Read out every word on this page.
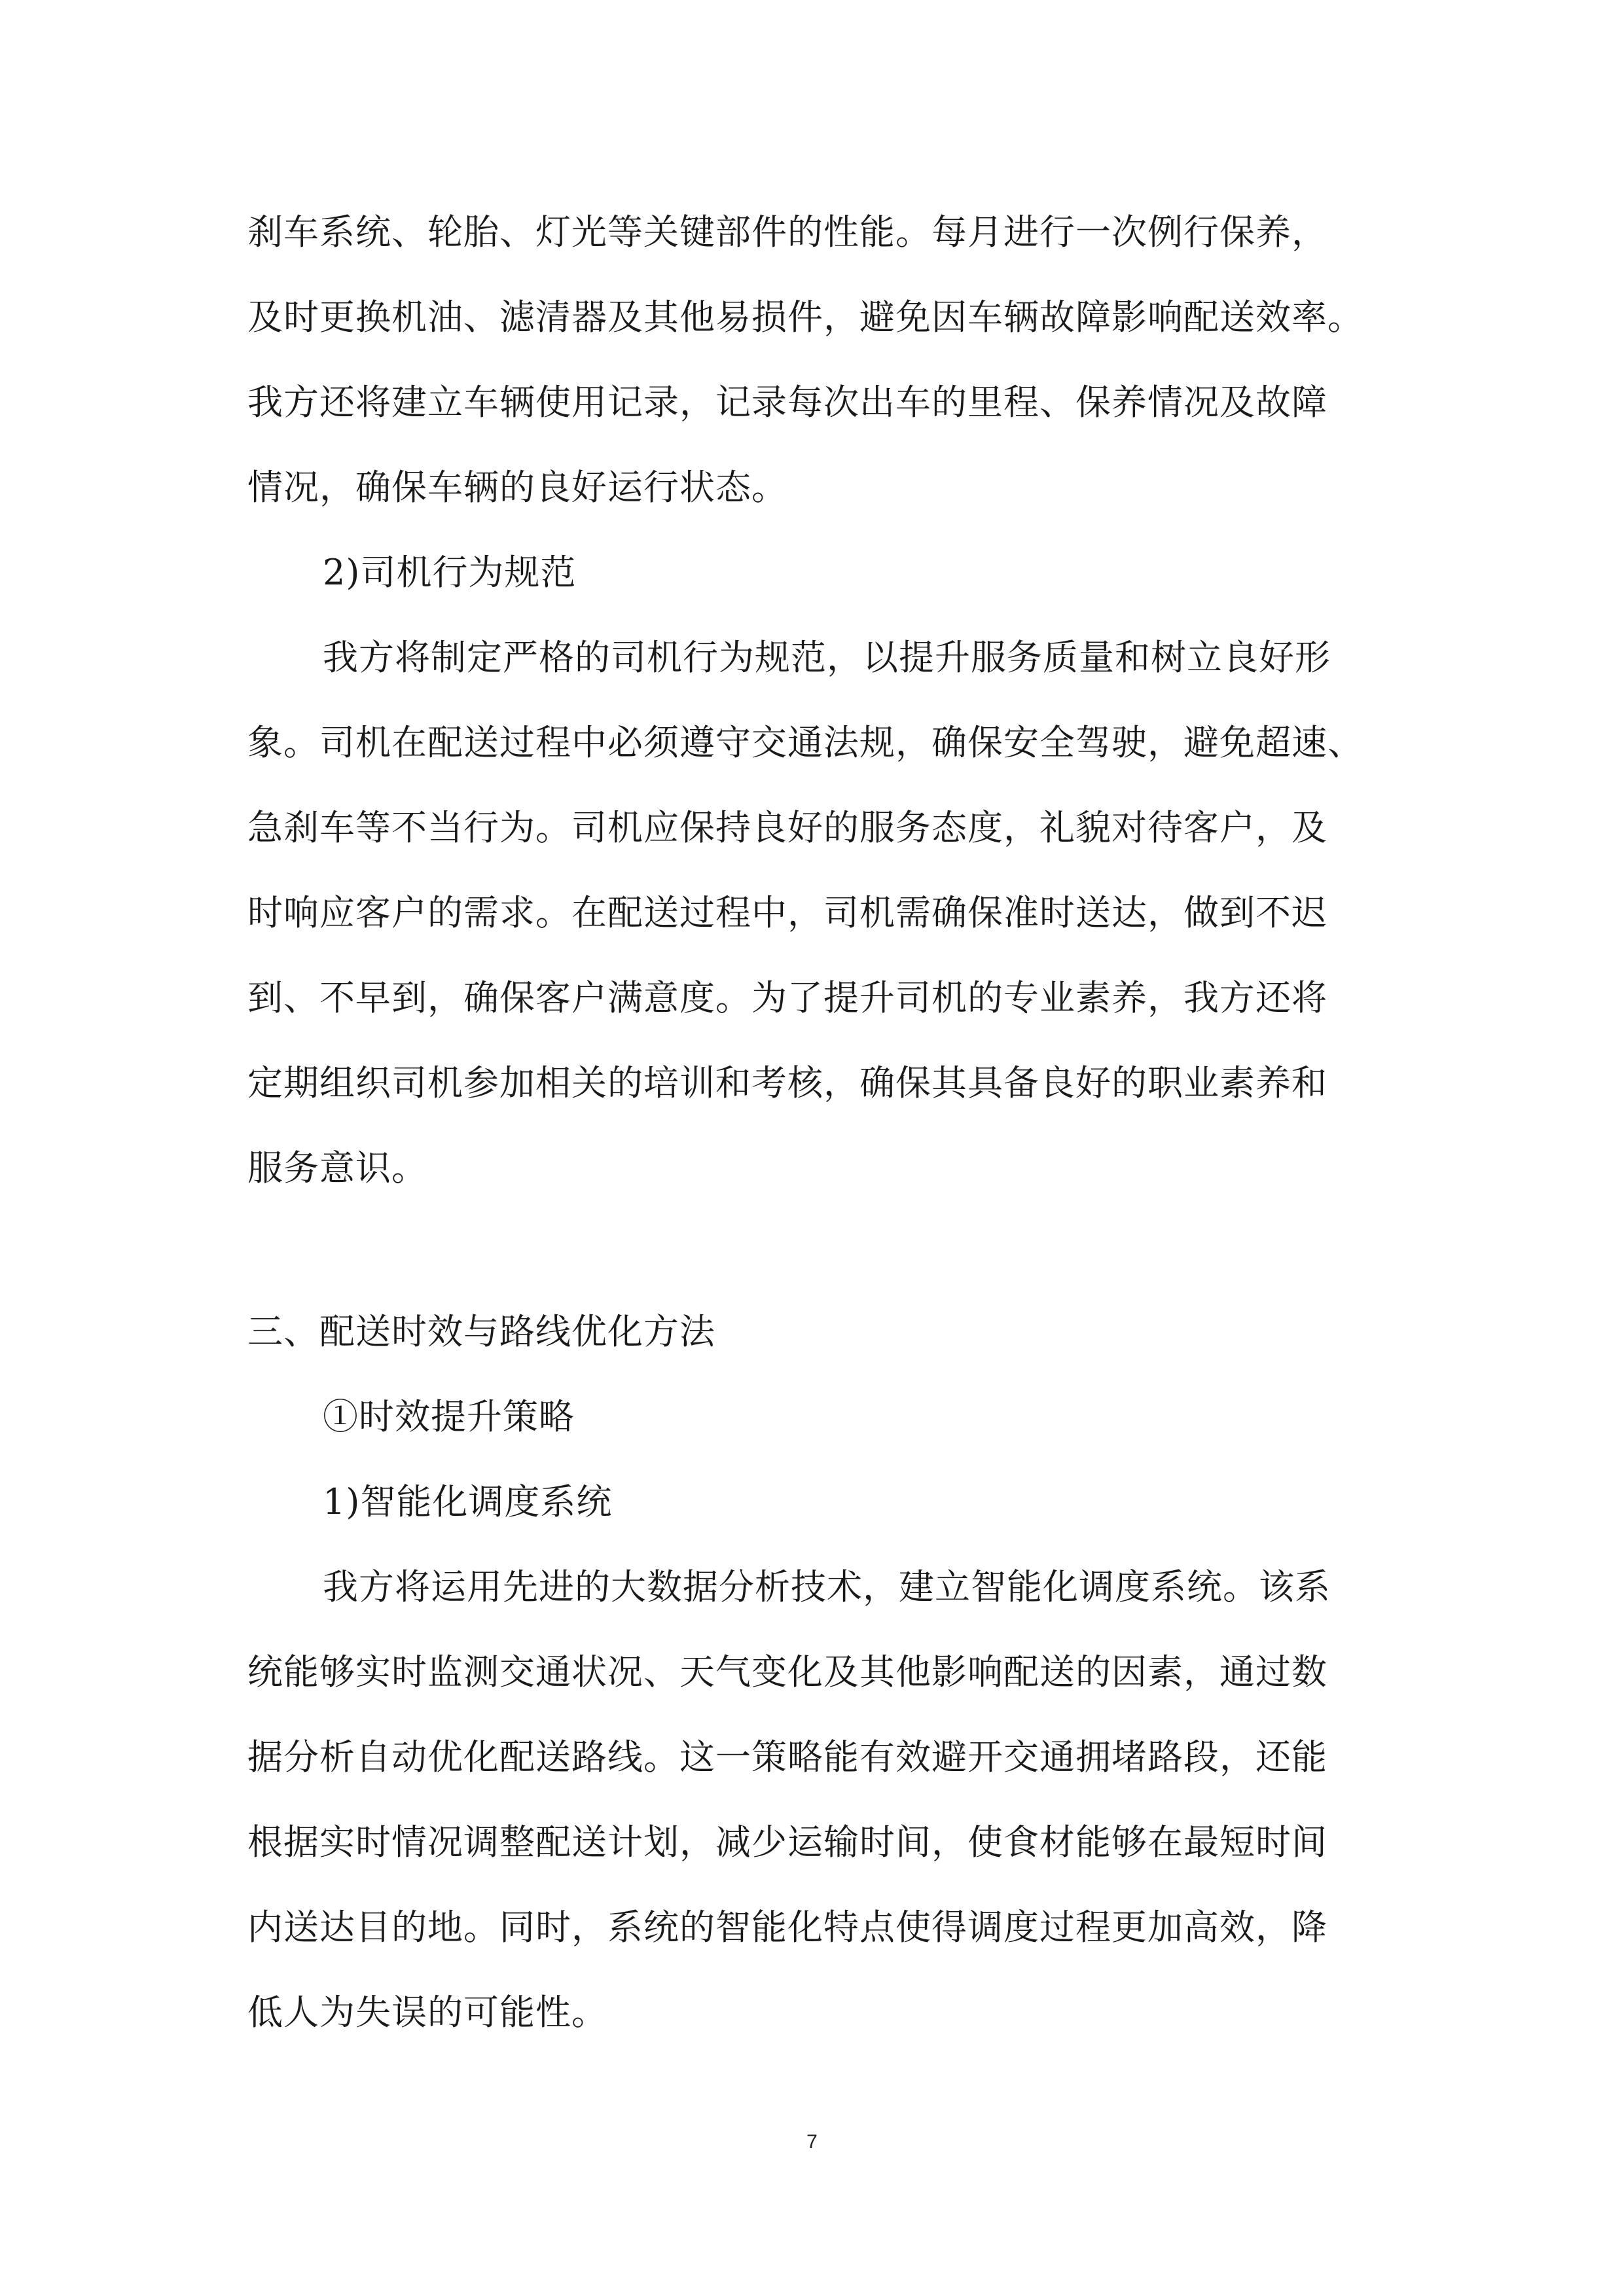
刹车系统、轮胎、灯光等关键部件的性能。每月进行一次例行保养，
及时更换机油、滤清器及其他易损件，避免因车辆故障影响配送效率。
我方还将建立车辆使用记录，记录每次出车的里程、保养情况及故障
情况，确保车辆的良好运行状态。
2)司机行为规范
我方将制定严格的司机行为规范，以提升服务质量和树立良好形
象。司机在配送过程中必须遵守交通法规，确保安全驾驶，避免超速、
急刹车等不当行为。司机应保持良好的服务态度，礼貌对待客户，及
时响应客户的需求。在配送过程中，司机需确保准时送达，做到不迟
到、不早到，确保客户满意度。为了提升司机的专业素养，我方还将
定期组织司机参加相关的培训和考核，确保其具备良好的职业素养和
服务意识。
三、配送时效与路线优化方法
①时效提升策略
1)智能化调度系统
我方将运用先进的大数据分析技术，建立智能化调度系统。该系
统能够实时监测交通状况、天气变化及其他影响配送的因素，通过数
据分析自动优化配送路线。这一策略能有效避开交通拥堵路段，还能
根据实时情况调整配送计划，减少运输时间，使食材能够在最短时间
内送达目的地。同时，系统的智能化特点使得调度过程更加高效，降
低人为失误的可能性。
7
